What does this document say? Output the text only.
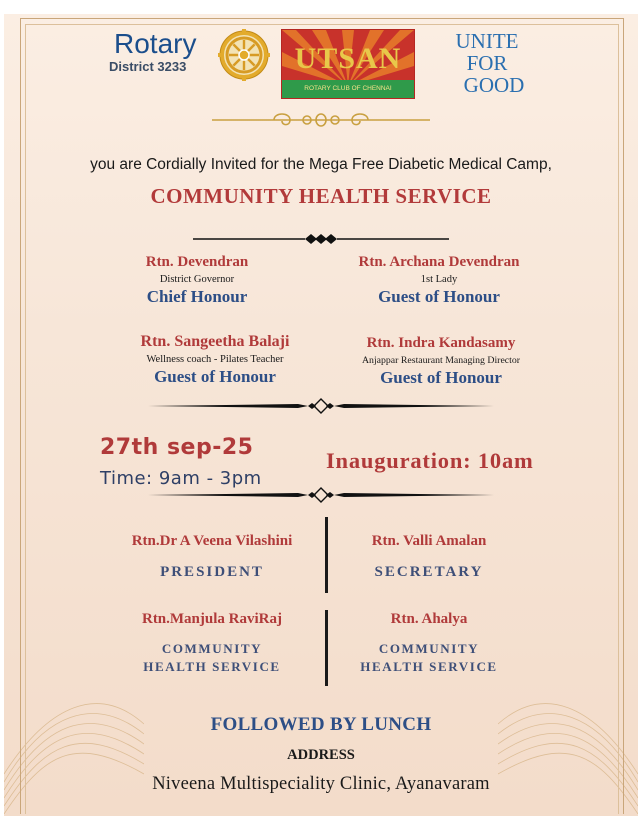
Rotary
District 3233	UTSAN
ROTARY CLUB OF CHENNAI
UNITE
FOR
GOOD
you are Cordially Invited for the Mega Free Diabetic Medical Camp,
COMMUNITY HEALTH SERVICE
Rtn. Devendran
District Governor
Chief Honour
Rtn. Archana Devendran
1st Lady
Guest of Honour
Rtn. Sangeetha Balaji
Wellness coach - Pilates Teacher
Guest of Honour
Rtn. Indra Kandasamy
Anjappar Restaurant Managing Director
Guest of Honour
27th sep-25
Time: 9am - 3pm
Inauguration: 10am
Rtn.Dr A Veena Vilashini
PRESIDENT
Rtn. Valli Amalan
SECRETARY
Rtn.Manjula RaviRaj
COMMUNITY
HEALTH SERVICE
Rtn. Ahalya
COMMUNITY
HEALTH SERVICE
FOLLOWED BY LUNCH
ADDRESS
Niveena Multispeciality Clinic, Ayanavaram
